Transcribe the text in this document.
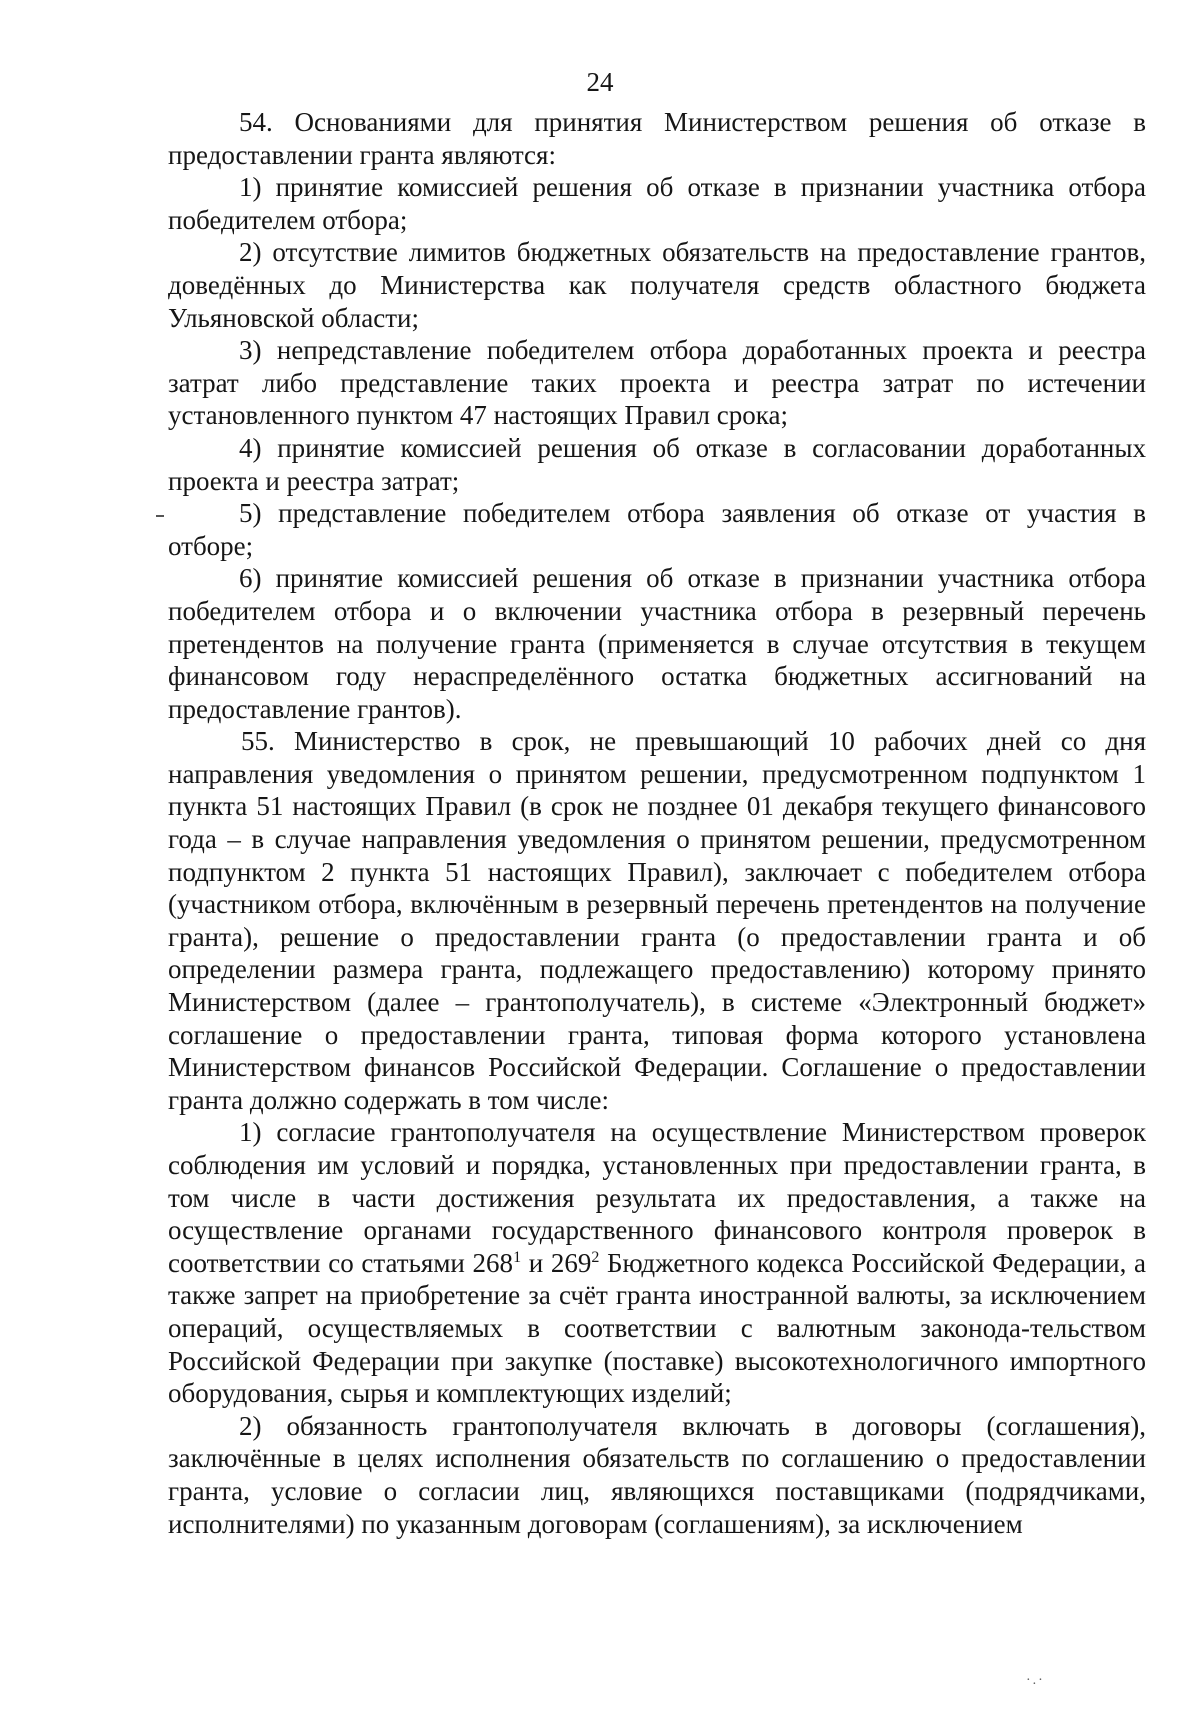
24

54. Основаниями для принятия Министерством решения об отказе в предоставлении гранта являются:

1) принятие комиссией решения об отказе в признании участника отбора победителем отбора;

2) отсутствие лимитов бюджетных обязательств на предоставление грантов, доведённых до Министерства как получателя средств областного бюджета Ульяновской области;

3) непредставление победителем отбора доработанных проекта и реестра затрат либо представление таких проекта и реестра затрат по истечении установленного пунктом 47 настоящих Правил срока;

4) принятие комиссией решения об отказе в согласовании доработанных проекта и реестра затрат;

5) представление победителем отбора заявления об отказе от участия в отборе;

6) принятие комиссией решения об отказе в признании участника отбора победителем отбора и о включении участника отбора в резервный перечень претендентов на получение гранта (применяется в случае отсутствия в текущем финансовом году нераспределённого остатка бюджетных ассигнований на предоставление грантов).

55. Министерство в срок, не превышающий 10 рабочих дней со дня направления уведомления о принятом решении, предусмотренном подпунктом 1 пункта 51 настоящих Правил (в срок не позднее 01 декабря текущего финансового года – в случае направления уведомления о принятом решении, предусмотренном подпунктом 2 пункта 51 настоящих Правил), заключает с победителем отбора (участником отбора, включённым в резервный перечень претендентов на получение гранта), решение о предоставлении гранта (о предоставлении гранта и об определении размера гранта, подлежащего предоставлению) которому принято Министерством (далее – грантополучатель), в системе «Электронный бюджет» соглашение о предоставлении гранта, типовая форма которого установлена Министерством финансов Российской Федерации. Соглашение о предоставлении гранта должно содержать в том числе:

1) согласие грантополучателя на осуществление Министерством проверок соблюдения им условий и порядка, установленных при предоставлении гранта, в том числе в части достижения результата их предоставления, а также на осуществление органами государственного финансового контроля проверок в соответствии со статьями $268^1$ и $269^2$ Бюджетного кодекса Российской Федерации, а также запрет на приобретение за счёт гранта иностранной валюты, за исключением операций, осуществляемых в соответствии с валютным законода-тельством Российской Федерации при закупке (поставке) высокотехнологичного импортного оборудования, сырья и комплектующих изделий;

2) обязанность грантополучателя включать в договоры (соглашения), заключённые в целях исполнения обязательств по соглашению о предоставлении гранта, условие о согласии лиц, являющихся поставщиками (подрядчиками, исполнителями) по указанным договорам (соглашениям), за исключением

·.·
